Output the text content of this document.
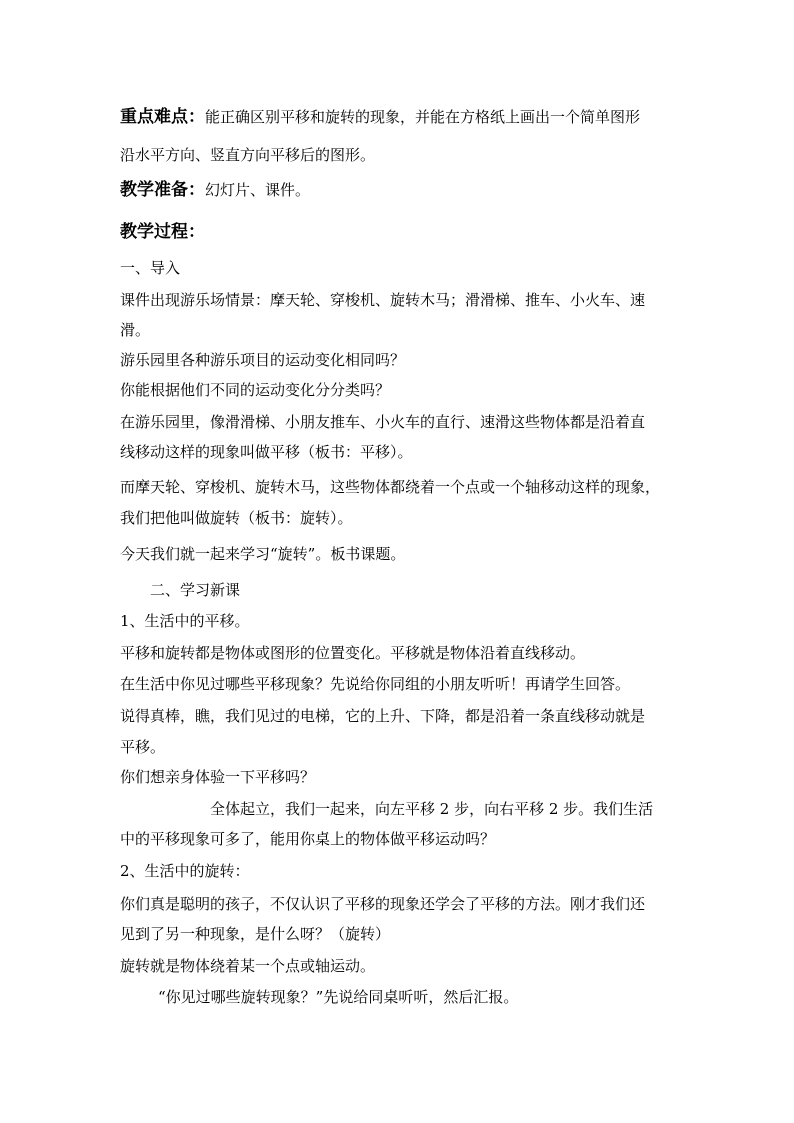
重点难点：能正确区别平移和旋转的现象，并能在方格纸上画出一个简单图形
沿水平方向、竖直方向平移后的图形。
教学准备：幻灯片、课件。
教学过程：
一、导入
课件出现游乐场情景：摩天轮、穿梭机、旋转木马；滑滑梯、推车、小火车、速
滑。
游乐园里各种游乐项目的运动变化相同吗？
你能根据他们不同的运动变化分分类吗？
在游乐园里，像滑滑梯、小朋友推车、小火车的直行、速滑这些物体都是沿着直
线移动这样的现象叫做平移（板书：平移）。
而摩天轮、穿梭机、旋转木马，这些物体都绕着一个点或一个轴移动这样的现象，
我们把他叫做旋转（板书：旋转）。
今天我们就一起来学习“旋转”。板书课题。
二、学习新课
1、生活中的平移。
平移和旋转都是物体或图形的位置变化。平移就是物体沿着直线移动。
在生活中你见过哪些平移现象？先说给你同组的小朋友听听！再请学生回答。
说得真棒，瞧，我们见过的电梯，它的上升、下降，都是沿着一条直线移动就是
平移。
你们想亲身体验一下平移吗？
全体起立，我们一起来，向左平移 2 步，向右平移 2 步。我们生活
中的平移现象可多了，能用你桌上的物体做平移运动吗？
2、生活中的旋转：
你们真是聪明的孩子，不仅认识了平移的现象还学会了平移的方法。刚才我们还
见到了另一种现象，是什么呀？（旋转）
旋转就是物体绕着某一个点或轴运动。
“你见过哪些旋转现象？”先说给同桌听听，然后汇报。
